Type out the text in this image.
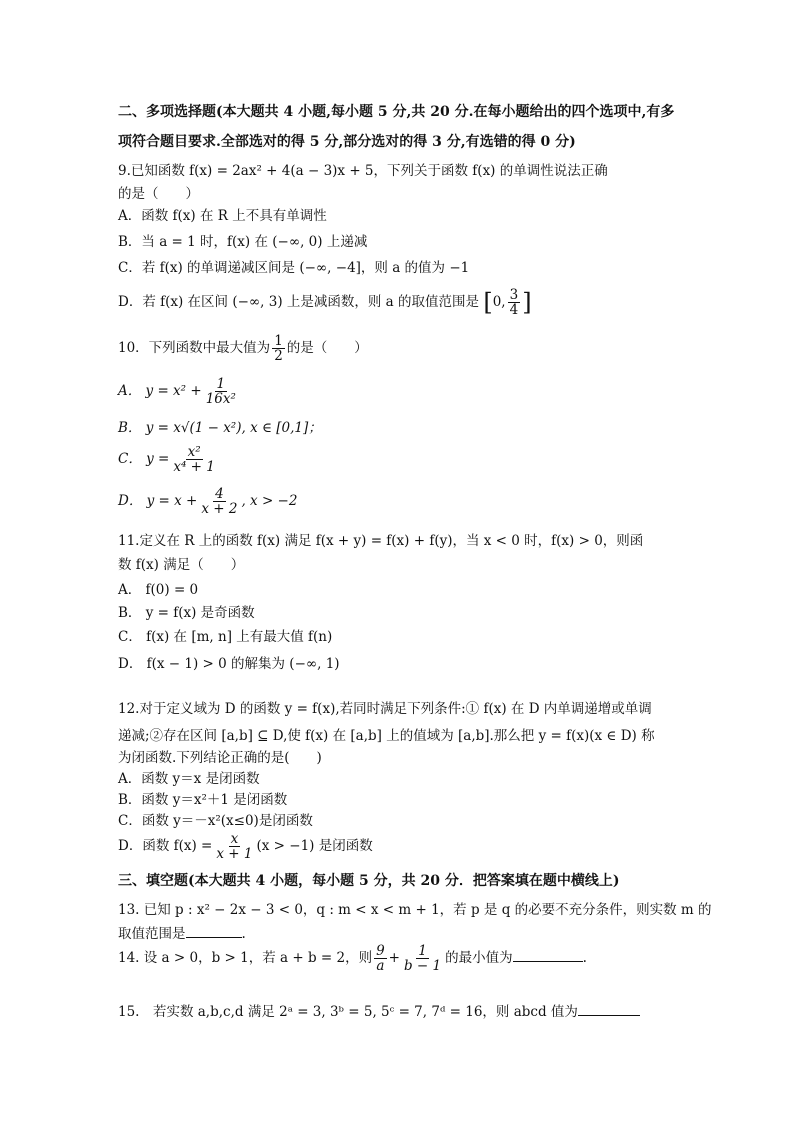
二、多项选择题(本大题共 4 小题,每小题 5 分,共 20 分.在每小题给出的四个选项中,有多
项符合题目要求.全部选对的得 5 分,部分选对的得 3 分,有选错的得 0 分)
9.已知函数 f(x) = 2ax² + 4(a − 3)x + 5，下列关于函数 f(x) 的单调性说法正确
的是（　　）
A．函数 f(x) 在 R 上不具有单调性
B．当 a = 1 时，f(x) 在 (−∞, 0) 上递减
C．若 f(x) 的单调递减区间是 (−∞, −4]，则 a 的值为 −1
D．若 f(x) 在区间 (−∞, 3) 上是减函数，则 a 的取值范围是 [0, $\frac{3}{4}$ ]
10．下列函数中最大值为 $\frac{1}{2}$ 的是（　　）
A． $y = x^2 + \frac{1}{\text{16x²}}$
B． y = x√(1 − x²), x ∈ [0,1]；
C． $y = \frac{\text{x²}}{\text{x⁴ + 1}}$
D． $y = x + \frac{4}{x + 2}$ , x > −2
11.定义在 R 上的函数 f(x) 满足 f(x + y) = f(x) + f(y)，当 x < 0 时，f(x) > 0，则函
数 f(x) 满足（　　）
A． f(0) = 0
B． y = f(x) 是奇函数
C． f(x) 在 [m, n] 上有最大值 f(n)
D． f(x − 1) > 0 的解集为 (−∞, 1)
12.对于定义域为 D 的函数 y = f(x),若同时满足下列条件:① f(x) 在 D 内单调递增或单调
递减;②存在区间 [a,b] ⊆ D,使 f(x) 在 [a,b] 上的值域为 [a,b].那么把 y = f(x)(x ∈ D) 称
为闭函数.下列结论正确的是(　　)
A．函数 y＝x 是闭函数
B．函数 y＝x²＋1 是闭函数
C．函数 y＝－x²(x≤0)是闭函数
D．函数 $f(x) = \frac{x}{x + 1} (x > -1)$ 是闭函数
三、填空题(本大题共 4 小题，每小题 5 分，共 20 分．把答案填在题中横线上)
13. 已知 p : x² − 2x − 3 < 0，q : m < x < m + 1，若 p 是 q 的必要不充分条件，则实数 m 的
取值范围是	.
14. 设 a > 0，b > 1，若 a + b = 2，则 $\frac{9}{a} + \frac{1}{b - 1}$ 的最小值为	.
15.　若实数 a,b,c,d 满足 2ᵃ = 3, 3ᵇ = 5, 5ᶜ = 7, 7ᵈ = 16，则 abcd 值为
